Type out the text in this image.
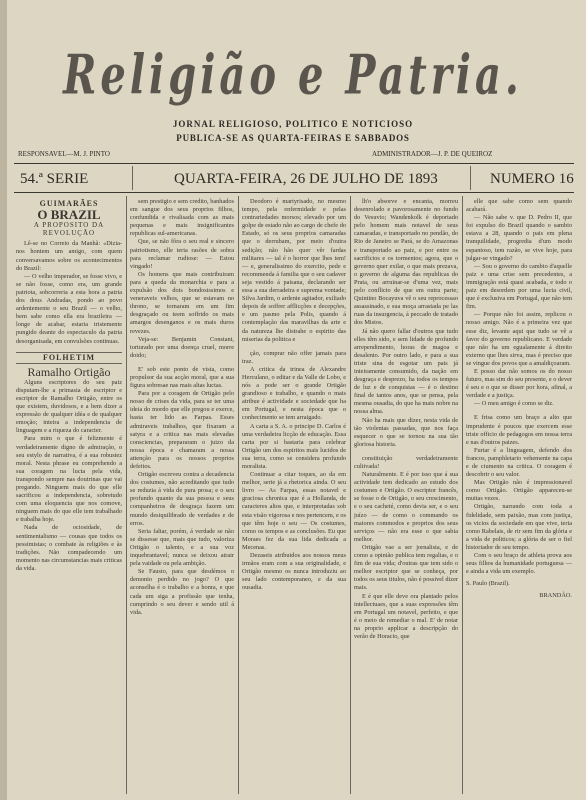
Religião e Patria.
JORNAL RELIGIOSO, POLITICO E NOTICIOSO
PUBLICA-SE AS QUARTA-FEIRAS E SABBADOS
RESPONSAVEL—M. J. PINTO	ADMINISTRADOR—J. P. DE QUEIROZ
54.ª SERIE	QUARTA-FEIRA, 26 DE JULHO DE 1893	NUMERO 16
GUIMARÃES
O BRAZIL
A PROPOSITO DA REVOLUÇÃO

Lê-se no Correio da Manhã: «Dizia-nos hontem um amigo, com quem conversavamos sobre os acontecimentos do Brazil:

— O velho imperador, se fosse vivo, e se não fosse, como era, um grande patriota, sobcorreria a esta hora a patria dos dous Andradas, pondo ao povo ardentemente o seu Brazil — o velho, bem sabe como ella era brazileira — longe de acabar, estaria tristemente pungido deante do espectaculo da patria desorganisada, em convulsões continuas.

FOLHETIM
Ramalho Ortigão

Alguns escriptores do seu paiz disputam-lhe a primasia de escriptor e escriptor de Ramalho Ortigão, entre os que existem, duvidosos, e a bem dizer a expressão de qualquer idéa e de qualquer emoção; inteira a independencia de linguagem e a riqueza do caracter.

Para mim o que é felizmente é verdadeiramente digno de admiração, o seu estylo de narrativa, é a sua robustez moral. Nesta phrase eu comprehendo a sua coragem na lucta pela vida, transpondo sempre nas doutrinas que vai pregando. Ninguem mais do que elle sacrificou a independencia, sobretudo com uma eloquencia que nos comove, ninguem mais do que elle tem trabalhado e trabalha hoje.

Nada de ociosidade, de sentimentalismo — cousas que todos os pessimistas; o combate às religiões e às tradições. Não compadecendo um momento nas circumstancias mais criticas da vida.

sem prestigio e sem credito, banhados em sangue dos seus proprios filhos, confundida e rivalisada com as mais pequenas e mais insignificantes republicas sul-americanas.

Que, se não fôra o seu real e sincero patriotismo, elle teria rasões de sobra para reclamar rudiose: — Estou vingado!

Os homens que mais contribuiram para a queda da monarchia e para a expulsão dos dois bondosissimos e veneraveis velhos, que se estavam no throno, se tornaram em um fim desgraçado ou teem soffrido os mais amargos desenganos e os mais duros revezes.

Veja-se: Benjamin Constant, torturado por uma doença cruel, morre doido;

E' sob este ponto de vista, como propulsor da sua acção moral, que a sua figura sobresae nas mais altas luctas.

Para por a coragem de Ortigão pelo nosso de crises da vida, para se ter uma ideia do mordo que elle pregou e exerce, basta ter lido as Farpas. Esses admiraveis trabalhos, que fixaram a satyra e a critica nas mais elevadas consciencias, prepararam o juizo da nossa época e chamaram a nossa attenção para os nossos proprios defeitos.

Ortigão escreveu contra a decadencia dos costumes, não acreditando que tudo se reduzia á vida de pura prosa; e o seu profundo quanto da sua pessoa e seus companheiros de desgraça fazem um mundo desiquilibrado de verdades e de erros.

Seria faltar, porém, á verdade se não se dissesse que, mais que tudo, valoriza Ortigão o talento, e a sua voz inquebrantavel; nunca se deixou atrair pela vaidade ou pela ambição.

Se Fausto, para que desdémos o demonio perdido no jogo? O que aconselha é o trabalho e a honra, e que cada um siga a profissão que tenha, cumprindo o seu dever e sendo util á vida.

Deodoro é martyrisado, no mesmo tempo, pela enfermidade e pelas contrariedades morsos; elevado por um golpe de estado não ao cargo de chefe do Estado, só os seus proprios camaradas que o derrubam, por meio d'outra sedição; não hão quer vêr fardas militares — tal é o horror que lhes tem! — e, generalissimo do exercito, pede e recommenda á familia que o seu cadaver seja vestido á paisana, declarando ser essa a sua derradeira e suprema vontade; Silva Jardim, o ardente agitador, exiliado depois de soffrer afflicções e decepções, e um pasmo pela Polis, quando á contemplação das maravilhas da arte e da natureza lhe distrahe o espirito das miserias da politica e

ção, comprar não offer jamais para traz.

A critica da trinea de Alexandre Herculano, o editar e da Valle de Lobo, e nós a pode ser o grande Ortigão grandioso e trabalho, e quando o mais atribue é actividade e sociedade que ha em Portugal, e nesta época que o conhecimento se tem arraigado.

A carta a S. A. o principe D. Carlos é uma verdadeira licção de educação. Essa carta por si bastaria para celebrar Ortigão um dos espiritos mais lucidos de sua terra, como se considera profundo moralista.

Continuar a citar toques, ao da em melhor, serie já a rhetorica ainda. O seu livro — As Farpas, essas notavel e graciosa chronica que é a Hollanda, de caracteres altos que, e interpretadas sob esta visão vigorosa e nos pertencem, e os que têm hoje o seu — Os costumes, como os tempos e as conclusões. Eu que Moraes fez da sua lida dedicada a Mecenas.

Dezaseis atribuidos aos nossos meus irmãos eram com a sua originalidade, e Ortigão mesmo os nunca introduziu ao seu lado contemporaneo, e da sua ousadia.

lh'o absorve e encanta, morreu desenrolado e pavorosamente no fundo do Vesuvio; Wandenkolk é deportado pelo homem mais notavel de seus camaradas, e transportado no pendão, do Rio de Janeiro se Pará, se do Amazonas e transportado ao paiz, e por entre os sacrificios e os tormentos; agora, que o governo quer exilar, o que mais prezava, o governo de alguma das republicas do Prata, ou arruinar-se d'uma vez, mais pelo conflicto de que em outra parte; Quintino Bocayuva vê o seu reprocessao assassinado, e sua moça arrastada pe las ruas da insurgencia, á peccado de tratado dos Mistos.

Já não quero fallar d'outros que tudo elles têm sido, e sem lidade de profundo arrependimento, horas de magoa e desalento. Por outro lado, e para a sua triste sina de esgotar um pais já inteiramente consumido, da nação em desgraça e desprezo, ha todos os tempos de luz e de conquistas — é o destino final de tantos anos, que se pensa, pela mesma ousadia, do que ha mais nobre na nossa alma.

Não ha mais que dizer, nesta vida de tão violentas passadas, que nos faça esquecer o que se tornou na sua tão gloriosa historia.

constituição verdadeiramente cultivada!

Naturalmente. E é por isso que á sua actividade tem dedicado ao estudo dos costumes e Ortigão. O escriptor francês, se fosse o de Ortigão, o seu crescimento, e o seu cacheté, como devia ser, e o seu juízo — de como o commando os maiores commodos e proprios dos seus serviços — não era esse o que sabia melhor.

Ortigão vae a ser jornalista, e de como a opinião publica tem regalias, e o fim de sua vida; d'outras que tem sido o melhor escriptor que se conheça, por todos os seus titulos, não é possivel dizer mais.

E é que elle deve ora plantado pelos intellectuaes, que a suas expressões têm em Portugal um notavel, perfeito, e que é o meio de remediar o mal. E' de notar na proprio applicar a descripção do verão de Horacio, que

elle que sabe como sem quando acabará.

— Não sabe v. que D. Pedro II, que foi expulso do Brazil quando o sambio estava a 28, quando o pais em plena tranquilidade, progredia d'um modo espantoso, tem razão, se vive hoje, para julgar-se vingado?

— Sou o governo do cambio d'aquelle paiz e uma crise sem precedentes, a immigração está quasi acabada, e todo o paiz em desordem por uma lucta civil, que é exclusiva em Portugal, que não tem fim.

— Porque não foi assim, replicou o nosso amigo. Não é a primeira vez que esse diz, levante aqui que tudo se vê a favor do governo republicano. E verdade que não ha um egualamente á direito externo que lhes sirva, mas é preciso que se vingue dos povos que a amaldiçoaram.

E posso dar não somos os do nosso futuro, mas sim do seu presente, e o dever é seu e o que se disser por hora, afinal, a verdade e a justiça.

— O meu amigo é como se diz.

E frisa como um braço a alto que imprudente é poucos que exercem esse triste officio de pedagogos em nossa terra e nas d'outros paizes.

Furtar é a linguagem, defendo dos francos, pamphletario vehemente na capa e de ciumento na critica. O coragem é descobrir o seu valor.

Mas Ortigão não é impressionavel como Ortigão. Ortigão appareceu-se muitas vezes.

Ortigão, narrando com toda a fidelidade, sem paixão, mas com justiça, os vicios da sociedade em que vive, teria como Rabelais, de rir sem fim da glória e a vida de politicos; a glória de ser o fiel historiador de seu tempo.

Com o seu braço de athleta prova aos seus filhos da humanidade portuguesa — e ainda a vida um exemplo.

S. Paulo (Brazil).
BRANDÃO.
